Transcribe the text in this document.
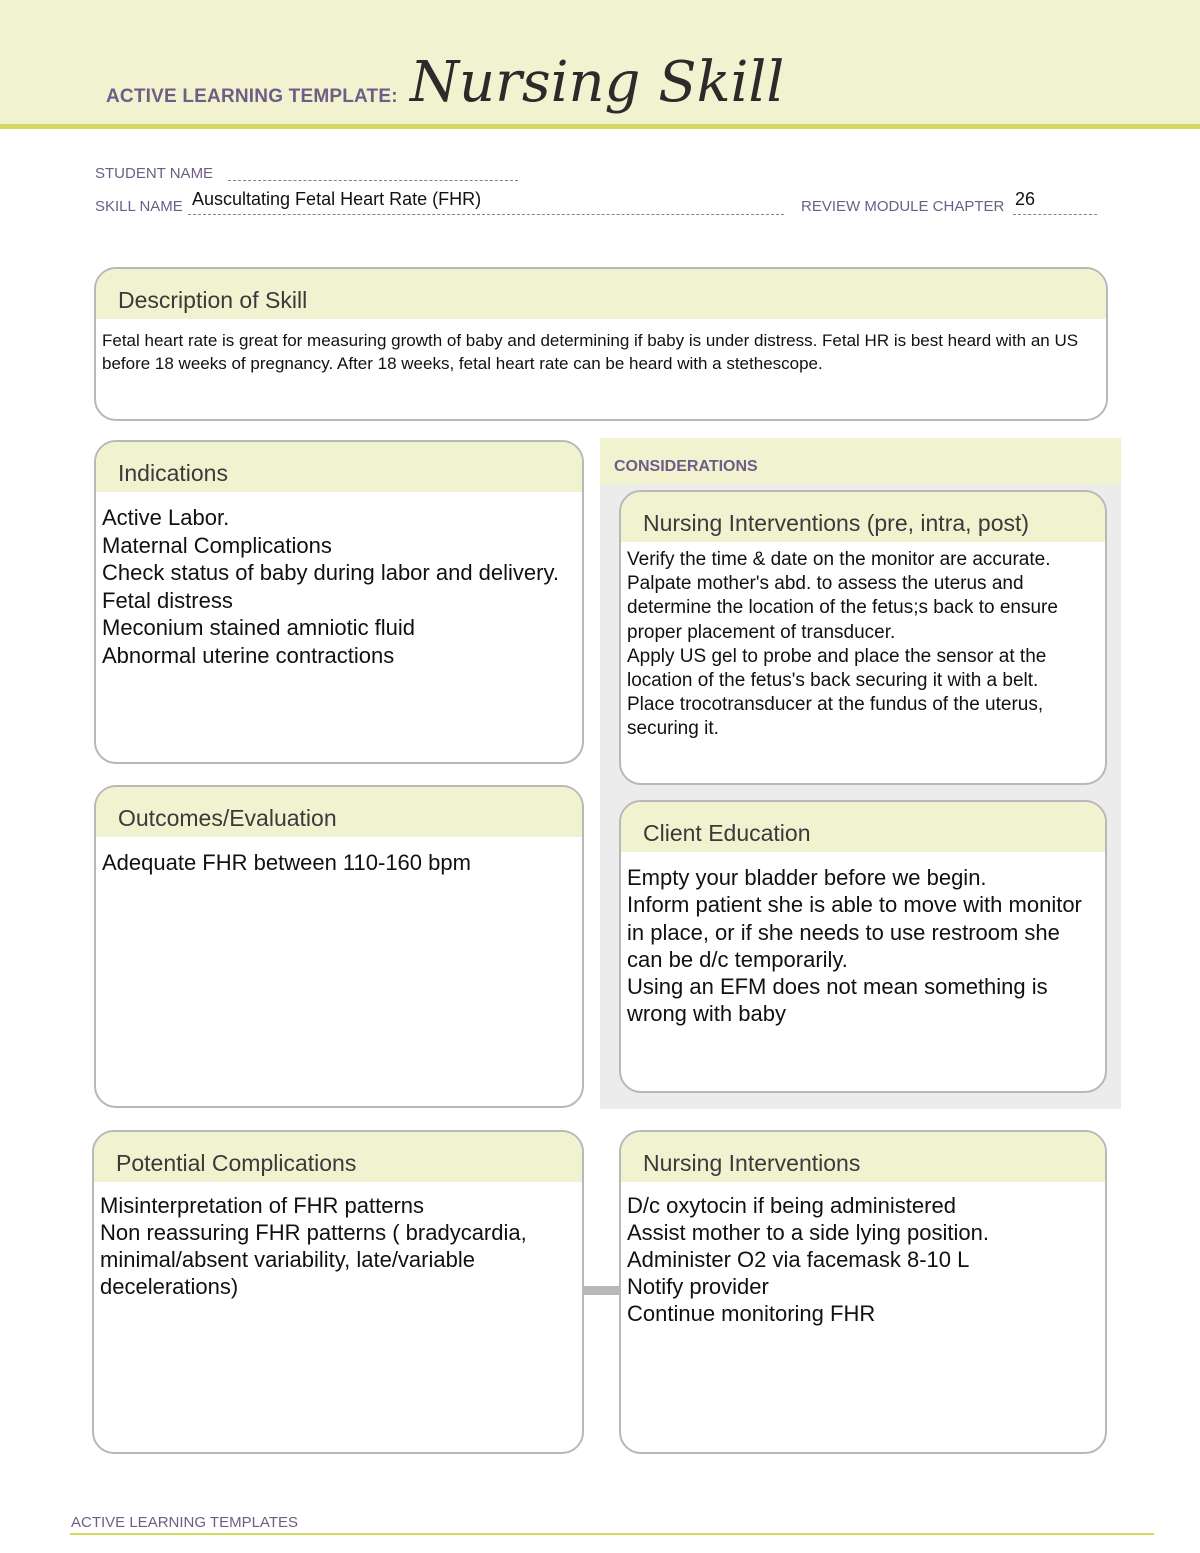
ACTIVE LEARNING TEMPLATE: Nursing Skill
STUDENT NAME
SKILL NAME Auscultating Fetal Heart Rate (FHR)	REVIEW MODULE CHAPTER 26
Description of Skill
Fetal heart rate is great for measuring growth of baby and determining if baby is under distress. Fetal HR is best heard with an US before 18 weeks of pregnancy. After 18 weeks, fetal heart rate can be heard with a stethescope.
Indications
Active Labor.
Maternal Complications
Check status of baby during labor and delivery.
Fetal distress
Meconium stained amniotic fluid
Abnormal uterine contractions
Outcomes/Evaluation
Adequate FHR between 110-160 bpm
CONSIDERATIONS
Nursing Interventions (pre, intra, post)
Verify the time & date on the monitor are accurate.
Palpate mother's abd. to assess the uterus and determine the location of the fetus;s back to ensure proper placement of transducer.
Apply US gel to probe and place the sensor at the location of the fetus's back securing it with a belt.
Place trocotransducer at the fundus of the uterus, securing it.
Client Education
Empty your bladder before we begin.
Inform patient she is able to move with monitor in place, or if she needs to use restroom she can be d/c temporarily.
Using an EFM does not mean something is wrong with baby
Potential Complications
Misinterpretation of FHR patterns
Non reassuring FHR patterns ( bradycardia, minimal/absent variability, late/variable decelerations)
Nursing Interventions
D/c oxytocin if being administered
Assist mother to a side lying position.
Administer O2 via facemask 8-10 L
Notify provider
Continue monitoring FHR
ACTIVE LEARNING TEMPLATES
